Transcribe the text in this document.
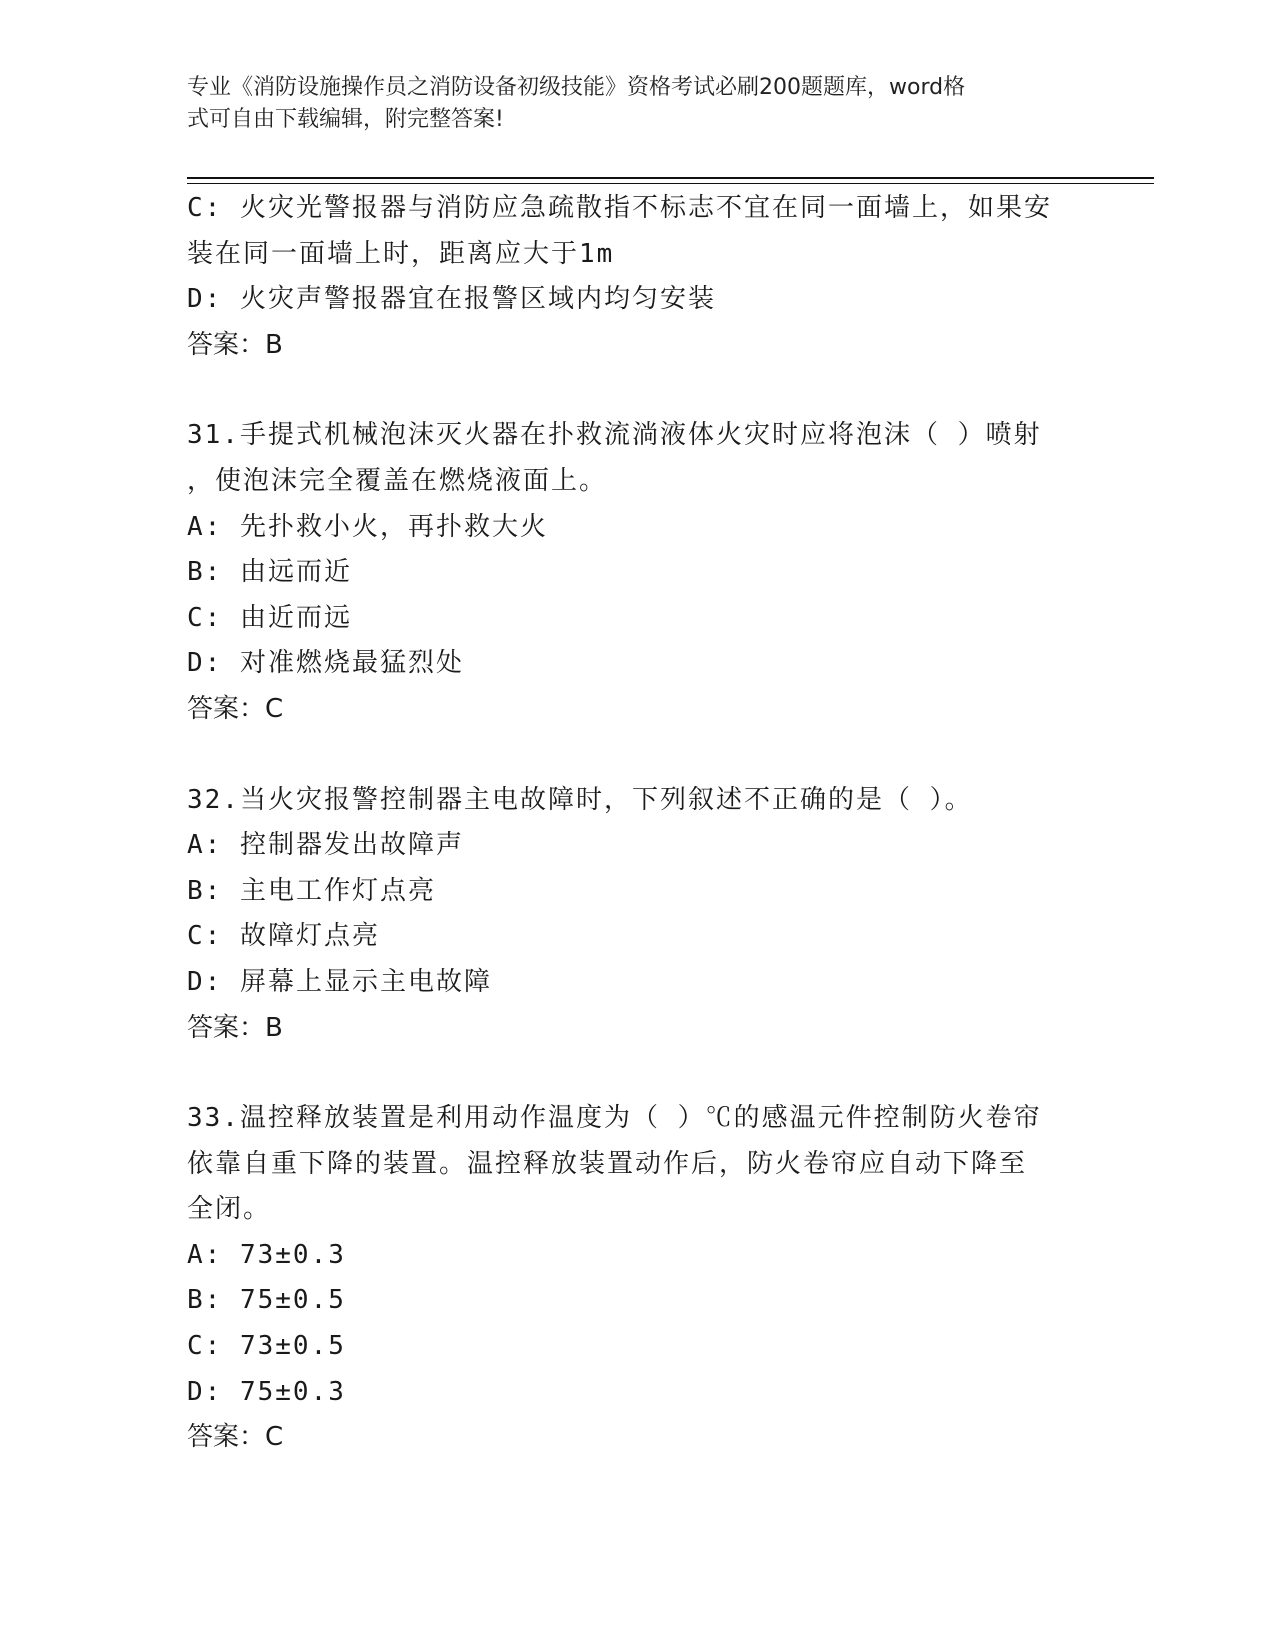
专业《消防设施操作员之消防设备初级技能》资格考试必刷200题题库，word格
式可自由下载编辑，附完整答案!

C: 火灾光警报器与消防应急疏散指不标志不宜在同一面墙上，如果安

装在同一面墙上时，距离应大于1m

D: 火灾声警报器宜在报警区域内均匀安装

答案：B

31.手提式机械泡沫灭火器在扑救流淌液体火灾时应将泡沫（ ）喷射

，使泡沫完全覆盖在燃烧液面上。

A: 先扑救小火，再扑救大火

B: 由远而近

C: 由近而远

D: 对准燃烧最猛烈处

答案：C

32.当火灾报警控制器主电故障时，下列叙述不正确的是（ ）。

A: 控制器发出故障声

B: 主电工作灯点亮

C: 故障灯点亮

D: 屏幕上显示主电故障

答案：B

33.温控释放装置是利用动作温度为（ ）℃的感温元件控制防火卷帘

依靠自重下降的装置。温控释放装置动作后，防火卷帘应自动下降至

全闭。

A: 73±0.3

B: 75±0.5

C: 73±0.5

D: 75±0.3

答案：C
